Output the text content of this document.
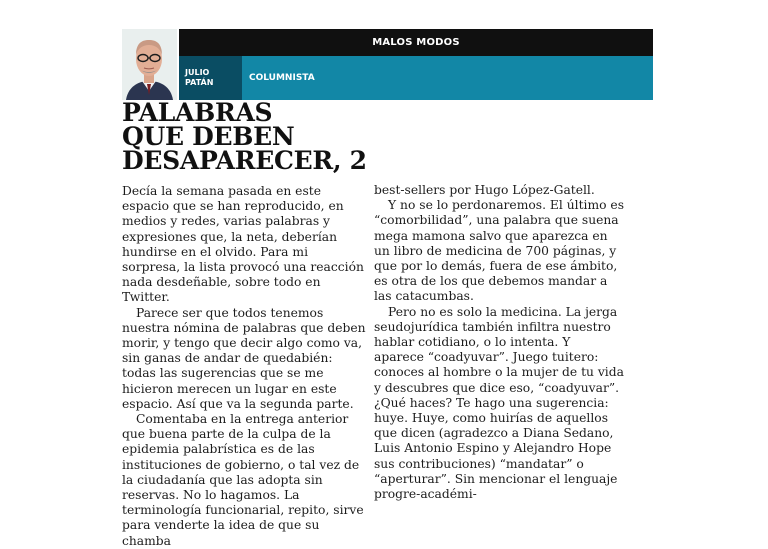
MALOS MODOS
JULIO
PATÁN	COLUMNISTA
PALABRAS
QUE DEBEN
DESAPARECER, 2

Decía la semana pasada en este espacio que se han reproducido, en medios y redes, varias palabras y expresiones que, la neta, deberían hundirse en el olvido. Para mi sorpresa, la lista provocó una reacción nada desdeñable, sobre todo en Twitter.

Parece ser que todos tenemos nuestra nómina de palabras que deben morir, y tengo que decir algo como va, sin ganas de andar de quedabién: todas las sugerencias que se me hicieron merecen un lugar en este espacio. Así que va la segunda parte.

Comentaba en la entrega anterior que buena parte de la culpa de la epidemia palabrística es de las instituciones de gobierno, o tal vez de la ciudadanía que las adopta sin reservas. No lo hagamos. La terminología funcionarial, repito, sirve para venderte la idea de que su chamba

best-sellers por Hugo López-Gatell.

Y no se lo perdonaremos. El último es “comorbilidad”, una palabra que suena mega mamona salvo que aparezca en un libro de medicina de 700 páginas, y que por lo demás, fuera de ese ámbito, es otra de los que debemos mandar a las catacumbas.

Pero no es solo la medicina. La jerga seudojurídica también infiltra nuestro hablar cotidiano, o lo intenta. Y aparece “coadyuvar”. Juego tuitero: conoces al hombre o la mujer de tu vida y descubres que dice eso, “coadyuvar”. ¿Qué haces? Te hago una sugerencia: huye. Huye, como huirías de aquellos que dicen (agradezco a Diana Sedano, Luis Antonio Espino y Alejandro Hope sus contribuciones) “mandatar” o “aperturar”. Sin mencionar el lenguaje progre-académi-
